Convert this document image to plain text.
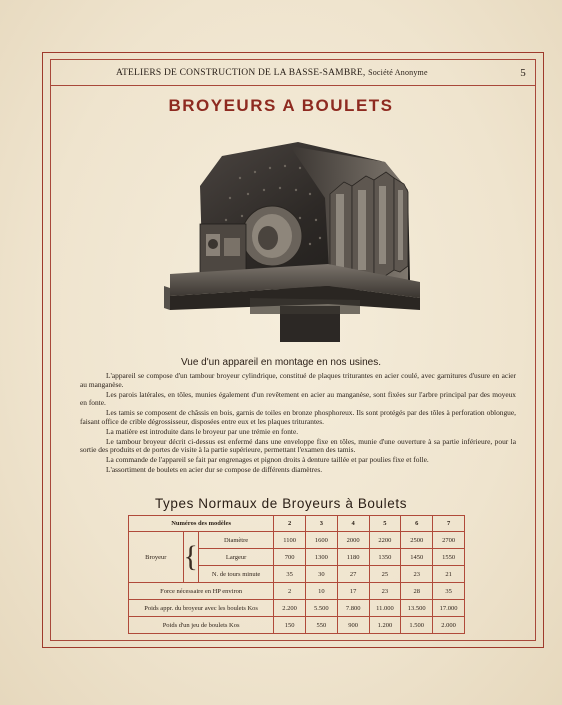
ATELIERS DE CONSTRUCTION DE LA BASSE-SAMBRE, Société Anonyme	5
BROYEURS A BOULETS
Vue d'un appareil en montage en nos usines.

L'appareil se compose d'un tambour broyeur cylindrique, constitué de plaques triturantes en acier coulé, avec garnitures d'usure en acier au manganèse.

Les parois latérales, en tôles, munies également d'un revêtement en acier au manganèse, sont fixées sur l'arbre principal par des moyeux en fonte.

Les tamis se composent de châssis en bois, garnis de toiles en bronze phosphoreux. Ils sont protégés par des tôles à perforation oblongue, faisant office de crible dégrossisseur, disposées entre eux et les plaques triturantes.

La matière est introduite dans le broyeur par une trémie en fonte.

Le tambour broyeur décrit ci-dessus est enfermé dans une enveloppe fixe en tôles, munie d'une ouverture à sa partie inférieure, pour la sortie des produits et de portes de visite à la partie supérieure, permettant l'examen des tamis.

La commande de l'appareil se fait par engrenages et pignon droits à denture taillée et par poulies fixe et folle.

L'assortiment de boulets en acier dur se compose de différents diamètres.

Types Normaux de Broyeurs à Boulets
Numéros des modèles			2	3	4	5	6	7
Broyeur	{	Diamètre	1100	1600	2000	2200	2500	2700
		Largeur	700	1300	1180	1350	1450	1550
		N. de tours minute	35	30	27	25	23	21
Force nécessaire en HP environ			2	10	17	23	28	35
Poids appr. du broyeur avec les boulets Kos			2.200	5.500	7.800	11.000	13.500	17.000
Poids d'un jeu de boulets Kos			150	550	900	1.200	1.500	2.000
